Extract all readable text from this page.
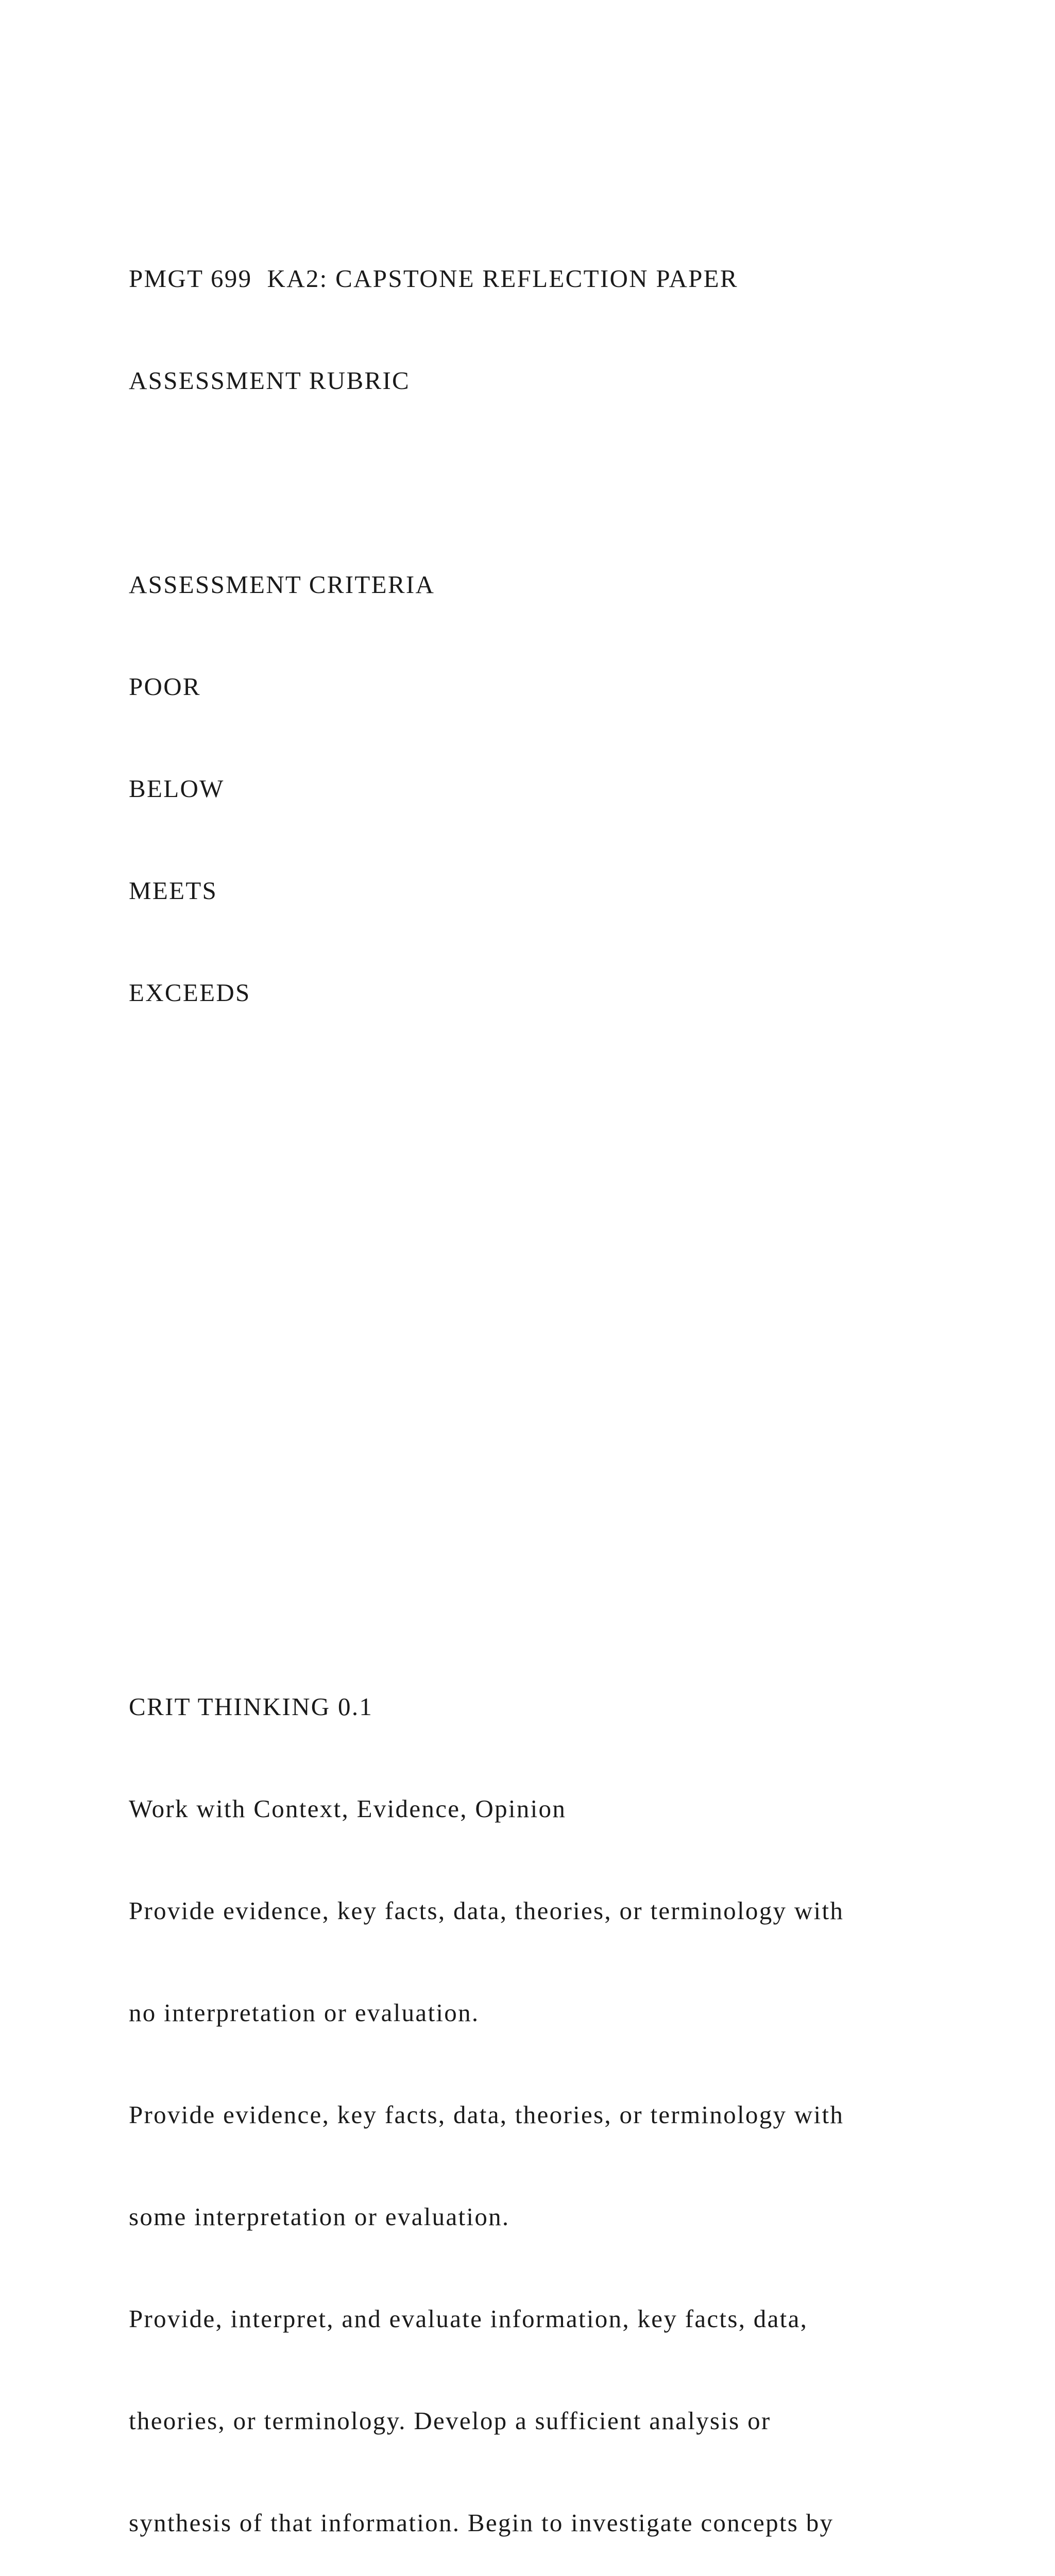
PMGT 699  KA2: CAPSTONE REFLECTION PAPER

ASSESSMENT RUBRIC

ASSESSMENT CRITERIA

POOR

BELOW

MEETS

EXCEEDS

CRIT THINKING 0.1

Work with Context, Evidence, Opinion

Provide evidence, key facts, data, theories, or terminology with

no interpretation or evaluation.

Provide evidence, key facts, data, theories, or terminology with

some interpretation or evaluation.

Provide, interpret, and evaluate information, key facts, data,

theories, or terminology. Develop a sufficient analysis or

synthesis of that information. Begin to investigate concepts by
